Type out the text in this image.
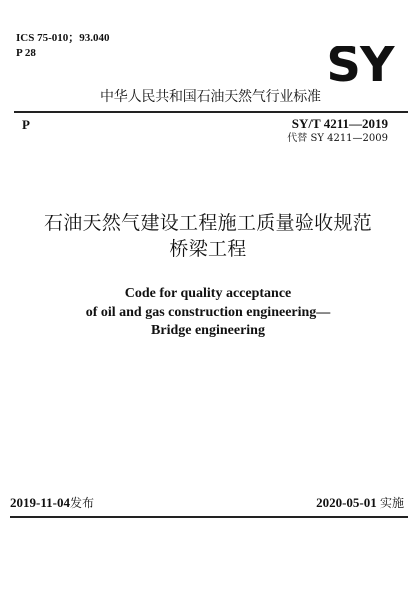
ICS 75-010；93.040
P 28	SY
中华人民共和国石油天然气行业标准
P	SY/T 4211—2019
代替 SY 4211—2009
石油天然气建设工程施工质量验收规范
桥梁工程
Code for quality acceptance
of oil and gas construction engineering—
Bridge engineering
2019-11-04发布	2020-05-01 实施
